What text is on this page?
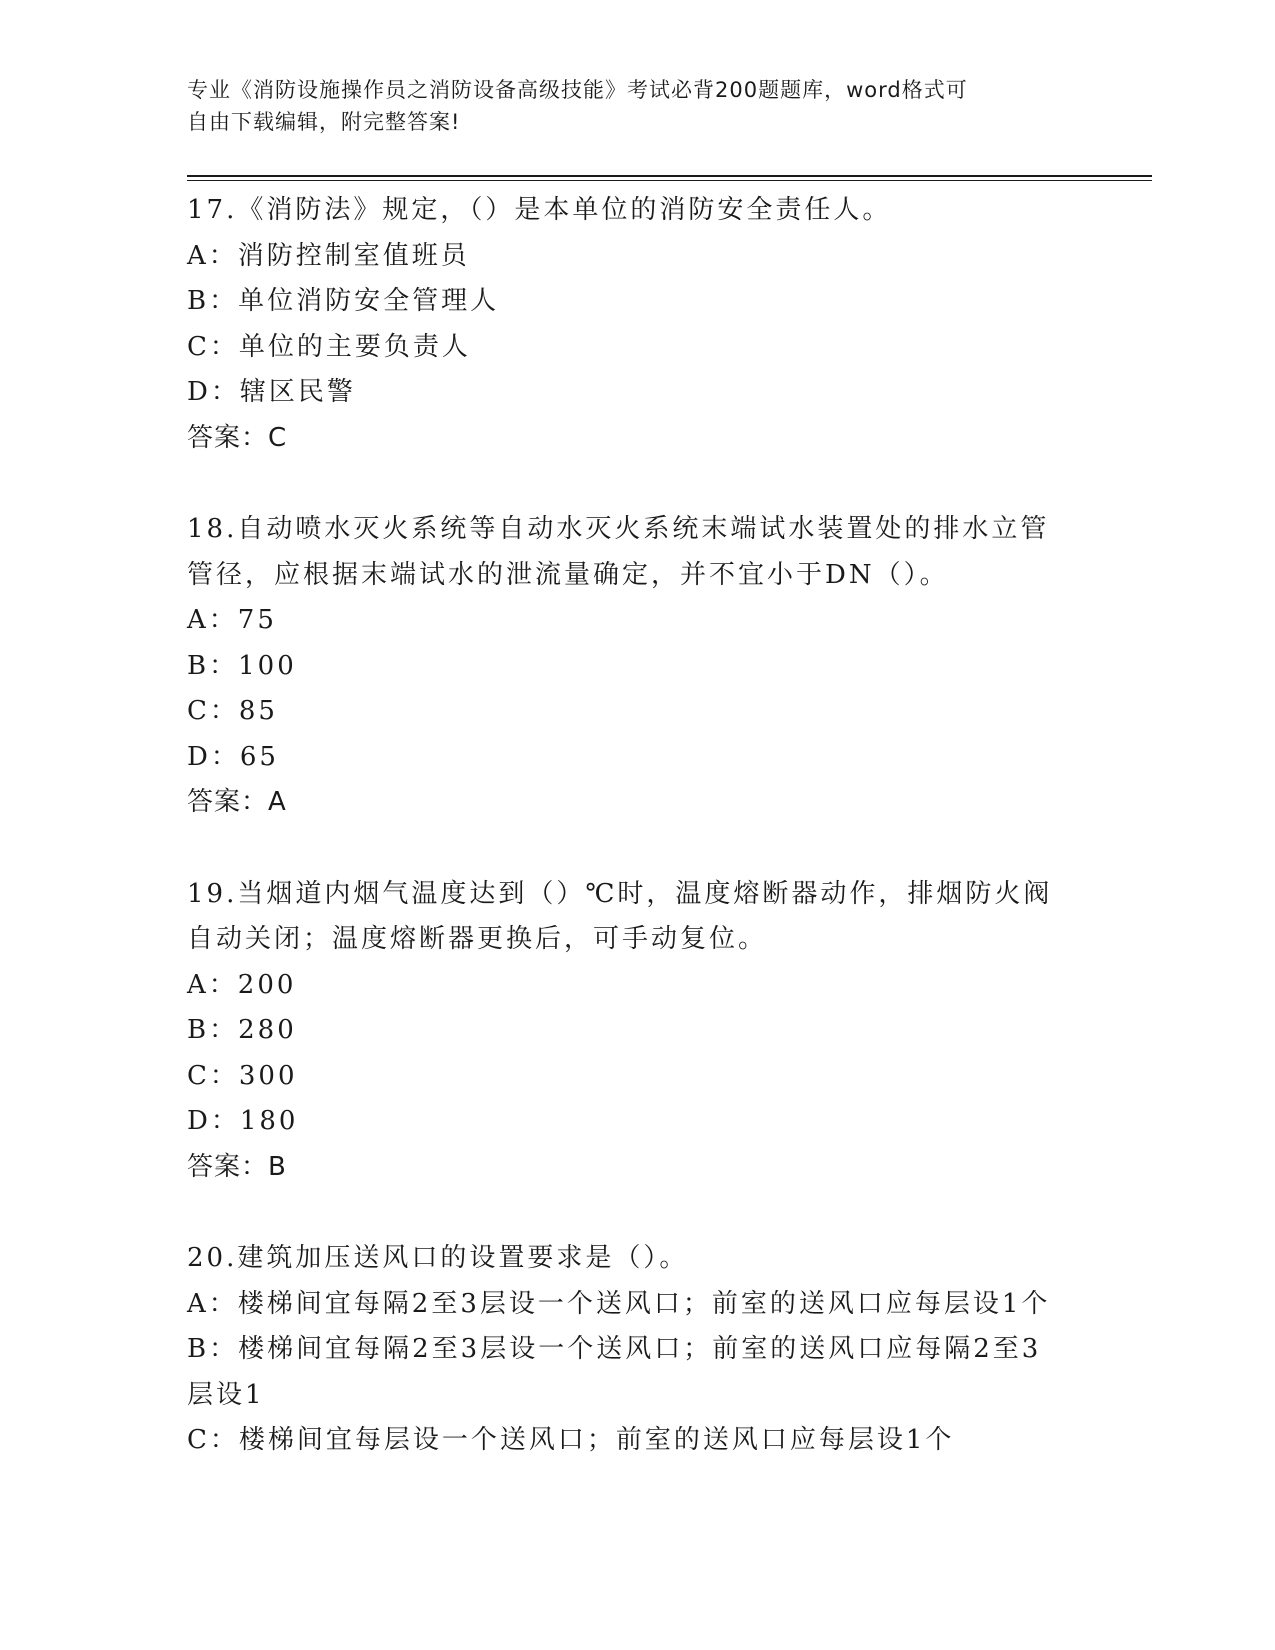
专业《消防设施操作员之消防设备高级技能》考试必背200题题库，word格式可
自由下载编辑，附完整答案!
17.《消防法》规定，（）是本单位的消防安全责任人。
A：消防控制室值班员
B：单位消防安全管理人
C：单位的主要负责人
D：辖区民警
答案：C
18.自动喷水灭火系统等自动水灭火系统末端试水装置处的排水立管管径，应根据末端试水的泄流量确定，并不宜小于DN（）。
A：75
B：100
C：85
D：65
答案：A
19.当烟道内烟气温度达到（）℃时，温度熔断器动作，排烟防火阀自动关闭；温度熔断器更换后，可手动复位。
A：200
B：280
C：300
D：180
答案：B
20.建筑加压送风口的设置要求是（）。
A：楼梯间宜每隔2至3层设一个送风口；前室的送风口应每层设1个
B：楼梯间宜每隔2至3层设一个送风口；前室的送风口应每隔2至3层设1
C：楼梯间宜每层设一个送风口；前室的送风口应每层设1个
